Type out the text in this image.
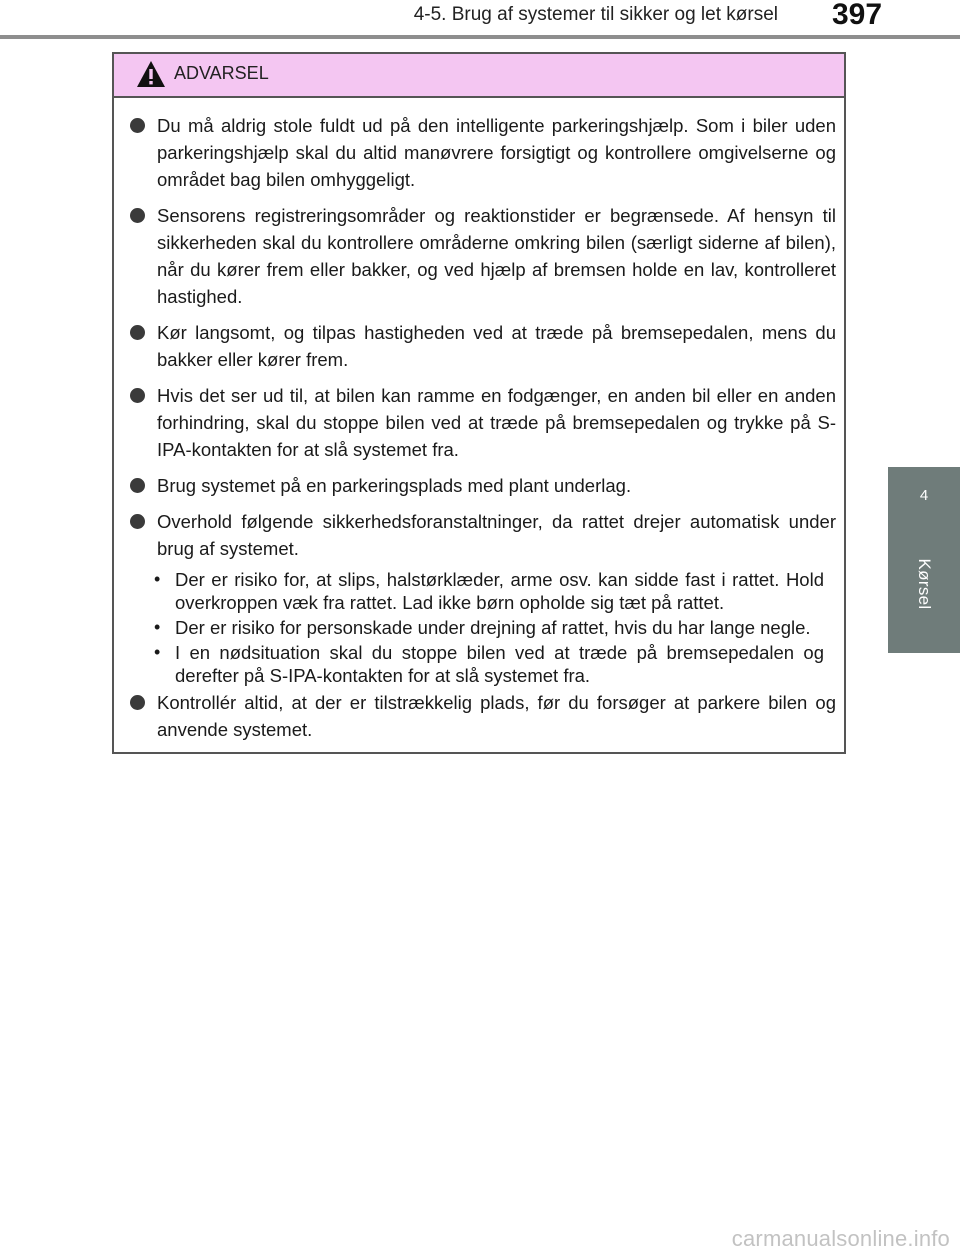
4-5. Brug af systemer til sikker og let kørsel 397
4
Kørsel
ADVARSEL
Du må aldrig stole fuldt ud på den intelligente parkeringshjælp. Som i biler uden parkeringshjælp skal du altid manøvrere forsigtigt og kontrollere omgivelserne og området bag bilen omhyggeligt.
Sensorens registreringsområder og reaktionstider er begrænsede. Af hensyn til sikkerheden skal du kontrollere områderne omkring bilen (særligt siderne af bilen), når du kører frem eller bakker, og ved hjælp af bremsen holde en lav, kontrolleret hastighed.
Kør langsomt, og tilpas hastigheden ved at træde på bremsepedalen, mens du bakker eller kører frem.
Hvis det ser ud til, at bilen kan ramme en fodgænger, en anden bil eller en anden forhindring, skal du stoppe bilen ved at træde på bremsepedalen og trykke på S-IPA-kontakten for at slå systemet fra.
Brug systemet på en parkeringsplads med plant underlag.
Overhold følgende sikkerhedsforanstaltninger, da rattet drejer automatisk under brug af systemet.
• Der er risiko for, at slips, halstørklæder, arme osv. kan sidde fast i rattet. Hold overkroppen væk fra rattet. Lad ikke børn opholde sig tæt på rattet.
• Der er risiko for personskade under drejning af rattet, hvis du har lange negle.
• I en nødsituation skal du stoppe bilen ved at træde på bremsepedalen og derefter på S-IPA-kontakten for at slå systemet fra.
Kontrollér altid, at der er tilstrækkelig plads, før du forsøger at parkere bilen og anvende systemet.
carmanualsonline.info
